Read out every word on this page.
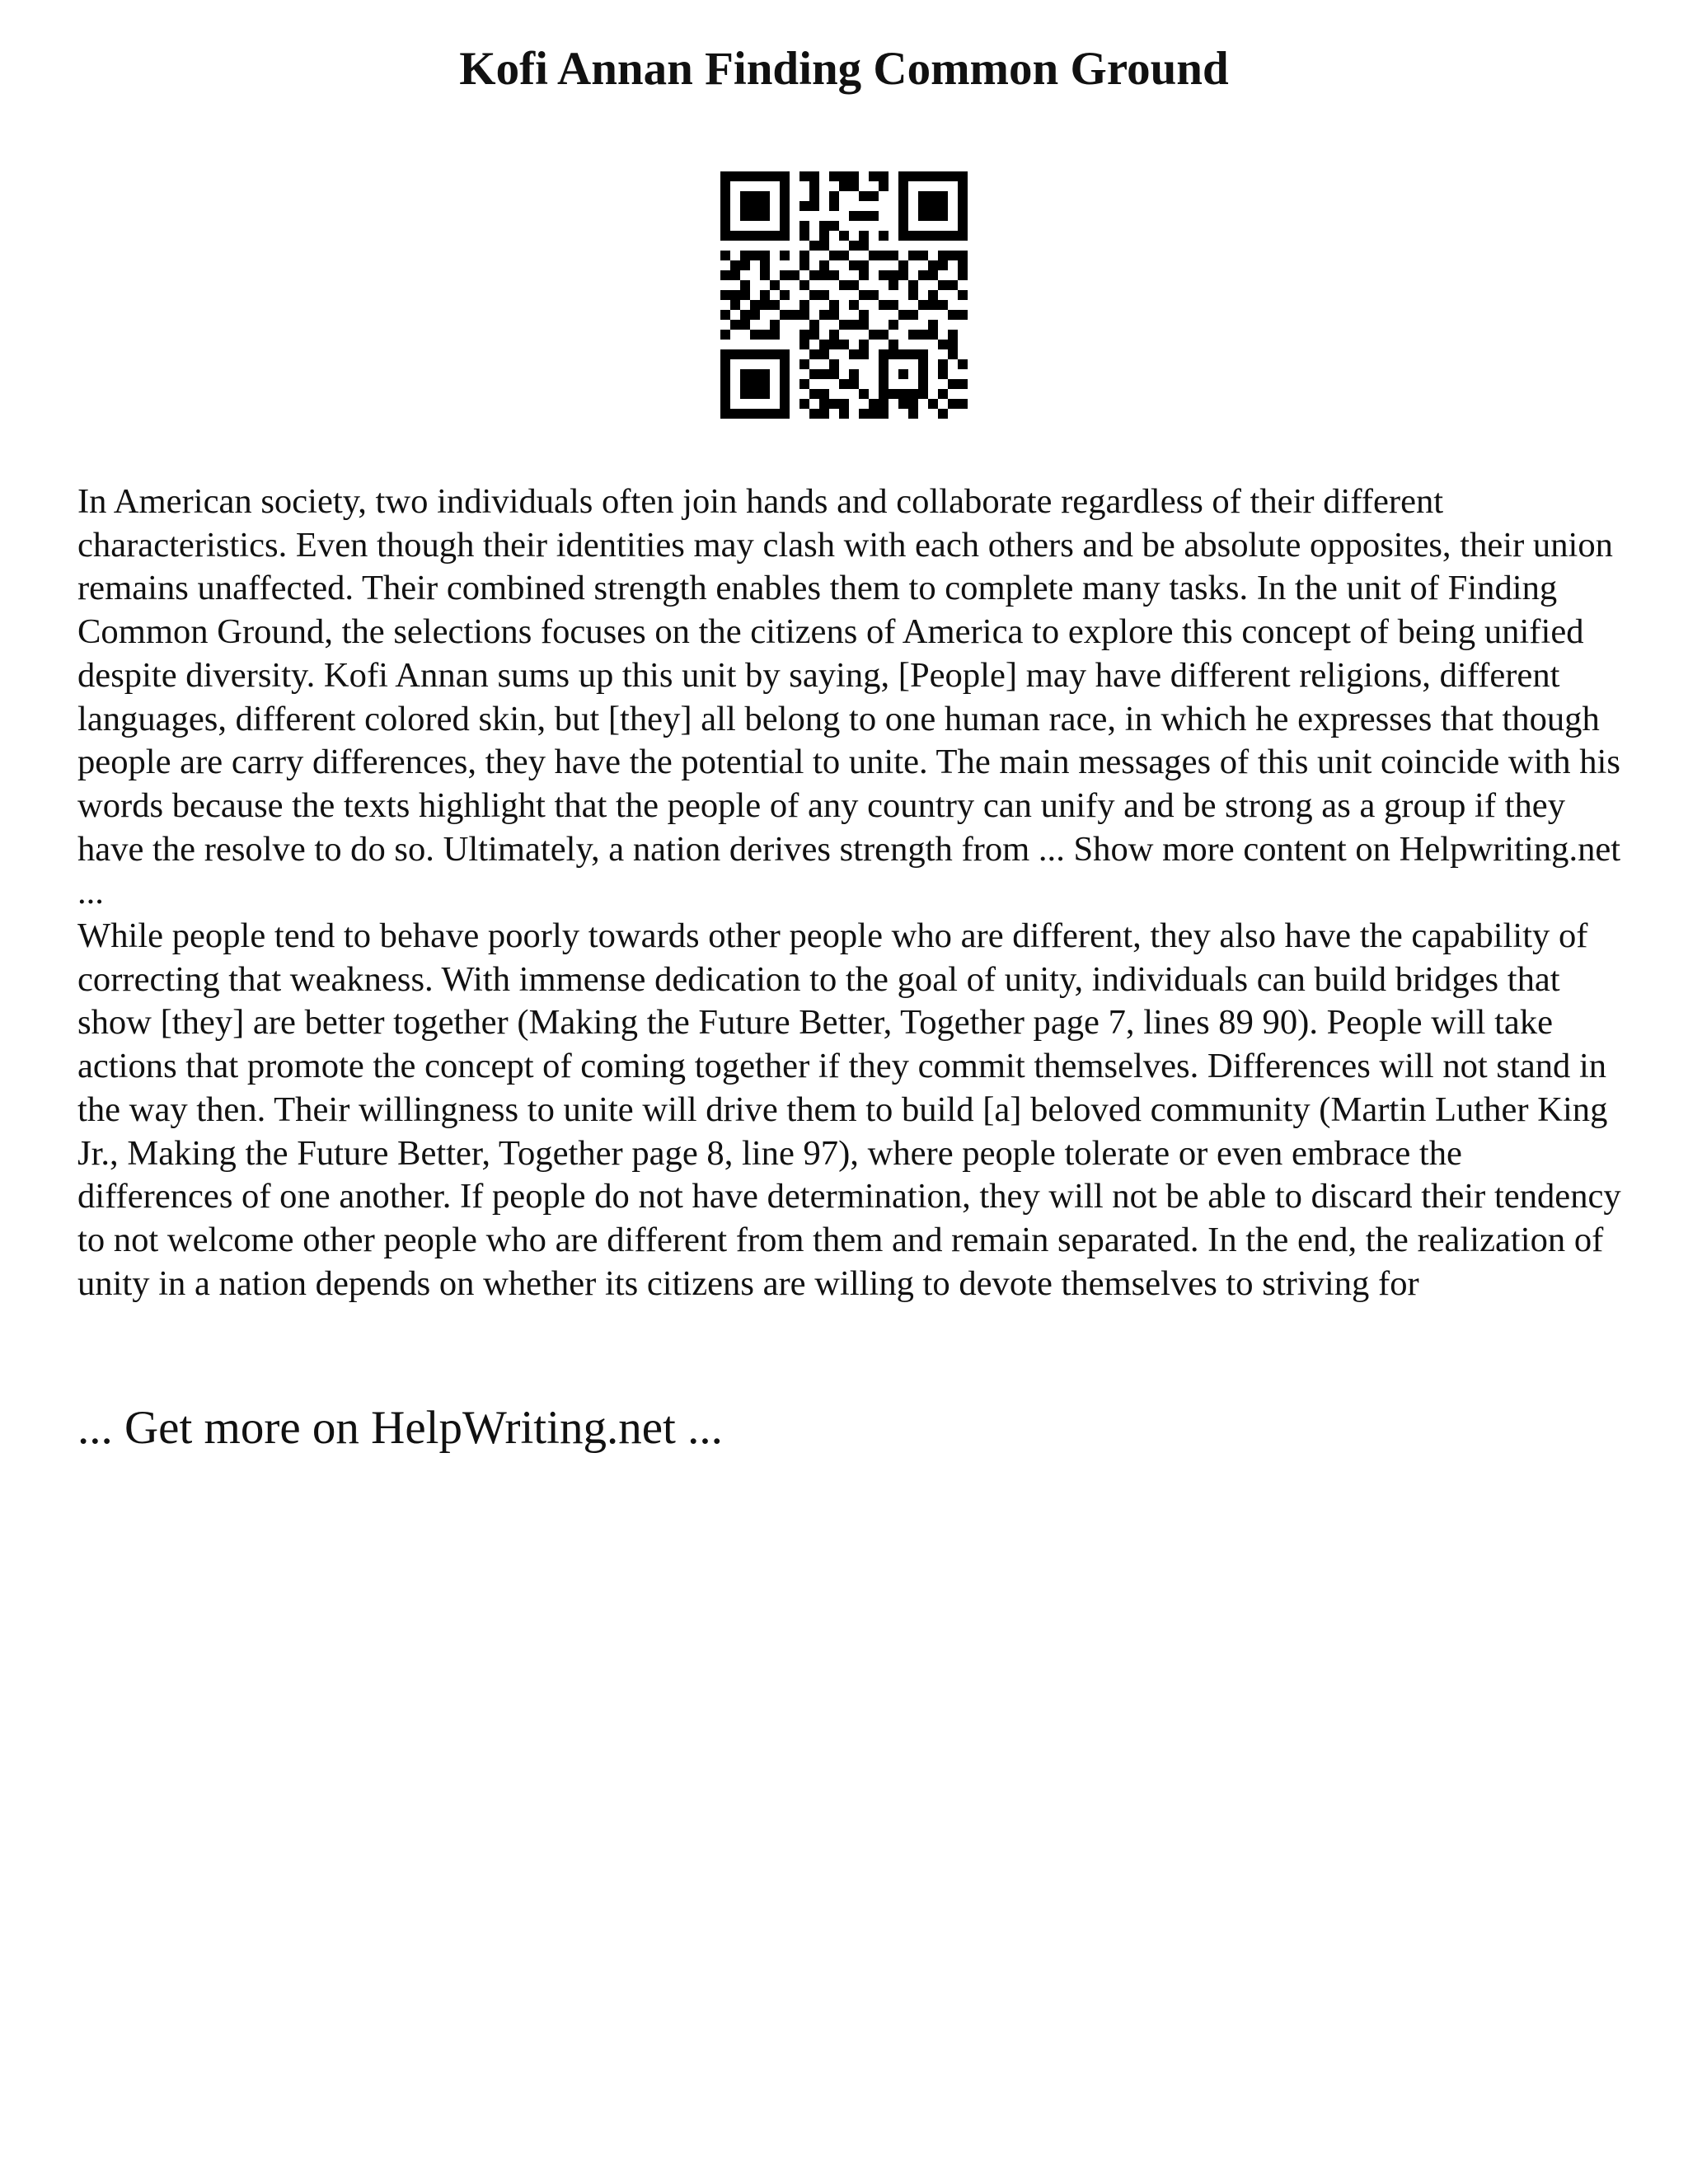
Kofi Annan Finding Common Ground

In American society, two individuals often join hands and collaborate regardless of their different characteristics. Even though their identities may clash with each others and be absolute opposites, their union remains unaffected. Their combined strength enables them to complete many tasks. In the unit of Finding Common Ground, the selections focuses on the citizens of America to explore this concept of being unified despite diversity. Kofi Annan sums up this unit by saying, [People] may have different religions, different languages, different colored skin, but [they] all belong to one human race, in which he expresses that though people are carry differences, they have the potential to unite. The main messages of this unit coincide with his words because the texts highlight that the people of any country can unify and be strong as a group if they have the resolve to do so. Ultimately, a nation derives strength from ... Show more content on Helpwriting.net ...

While people tend to behave poorly towards other people who are different, they also have the capability of correcting that weakness. With immense dedication to the goal of unity, individuals can build bridges that show [they] are better together (Making the Future Better, Together page 7, lines 89 90). People will take actions that promote the concept of coming together if they commit themselves. Differences will not stand in the way then. Their willingness to unite will drive them to build [a] beloved community (Martin Luther King Jr., Making the Future Better, Together page 8, line 97), where people tolerate or even embrace the differences of one another. If people do not have determination, they will not be able to discard their tendency to not welcome other people who are different from them and remain separated. In the end, the realization of unity in a nation depends on whether its citizens are willing to devote themselves to striving for

... Get more on HelpWriting.net ...
